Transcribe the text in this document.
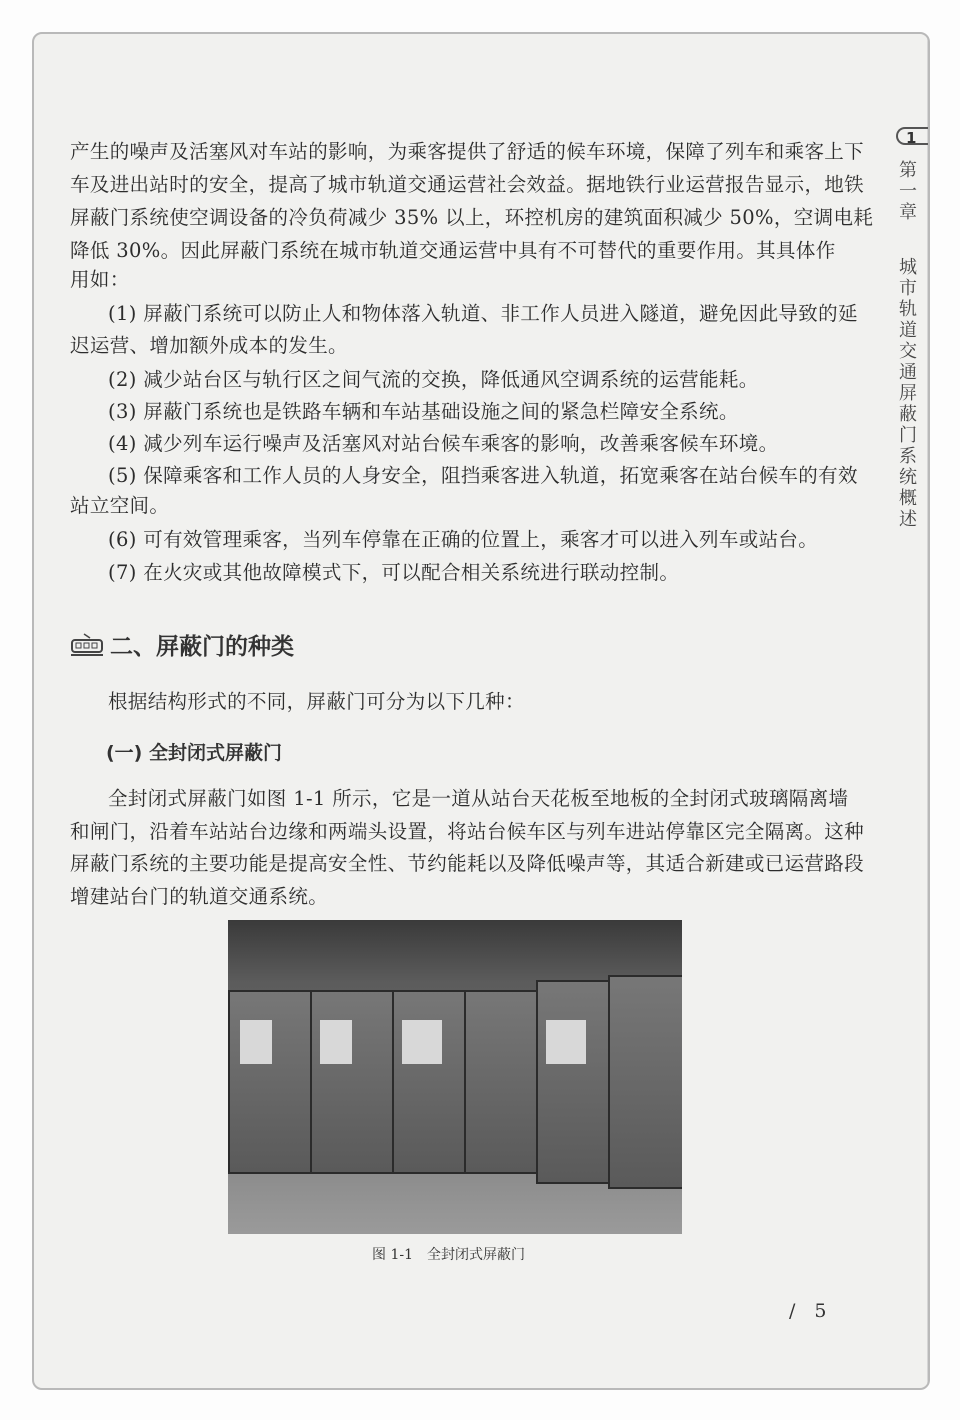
1
第一章
城市轨道交通屏蔽门系统概述
产生的噪声及活塞风对车站的影响，为乘客提供了舒适的候车环境，保障了列车和乘客上下
车及进出站时的安全，提高了城市轨道交通运营社会效益。据地铁行业运营报告显示，地铁
屏蔽门系统使空调设备的冷负荷减少 35% 以上，环控机房的建筑面积减少 50%，空调电耗
降低 30%。因此屏蔽门系统在城市轨道交通运营中具有不可替代的重要作用。其具体作
用如：
(1) 屏蔽门系统可以防止人和物体落入轨道、非工作人员进入隧道，避免因此导致的延
迟运营、增加额外成本的发生。
(2) 减少站台区与轨行区之间气流的交换，降低通风空调系统的运营能耗。
(3) 屏蔽门系统也是铁路车辆和车站基础设施之间的紧急栏障安全系统。
(4) 减少列车运行噪声及活塞风对站台候车乘客的影响，改善乘客候车环境。
(5) 保障乘客和工作人员的人身安全，阻挡乘客进入轨道，拓宽乘客在站台候车的有效
站立空间。
(6) 可有效管理乘客，当列车停靠在正确的位置上，乘客才可以进入列车或站台。
(7) 在火灾或其他故障模式下，可以配合相关系统进行联动控制。
二、屏蔽门的种类
根据结构形式的不同，屏蔽门可分为以下几种：
(一) 全封闭式屏蔽门
全封闭式屏蔽门如图 1-1 所示，它是一道从站台天花板至地板的全封闭式玻璃隔离墙
和闸门，沿着车站站台边缘和两端头设置，将站台候车区与列车进站停靠区完全隔离。这种
屏蔽门系统的主要功能是提高安全性、节约能耗以及降低噪声等，其适合新建或已运营路段
增建站台门的轨道交通系统。
图 1-1　全封闭式屏蔽门
/　5
